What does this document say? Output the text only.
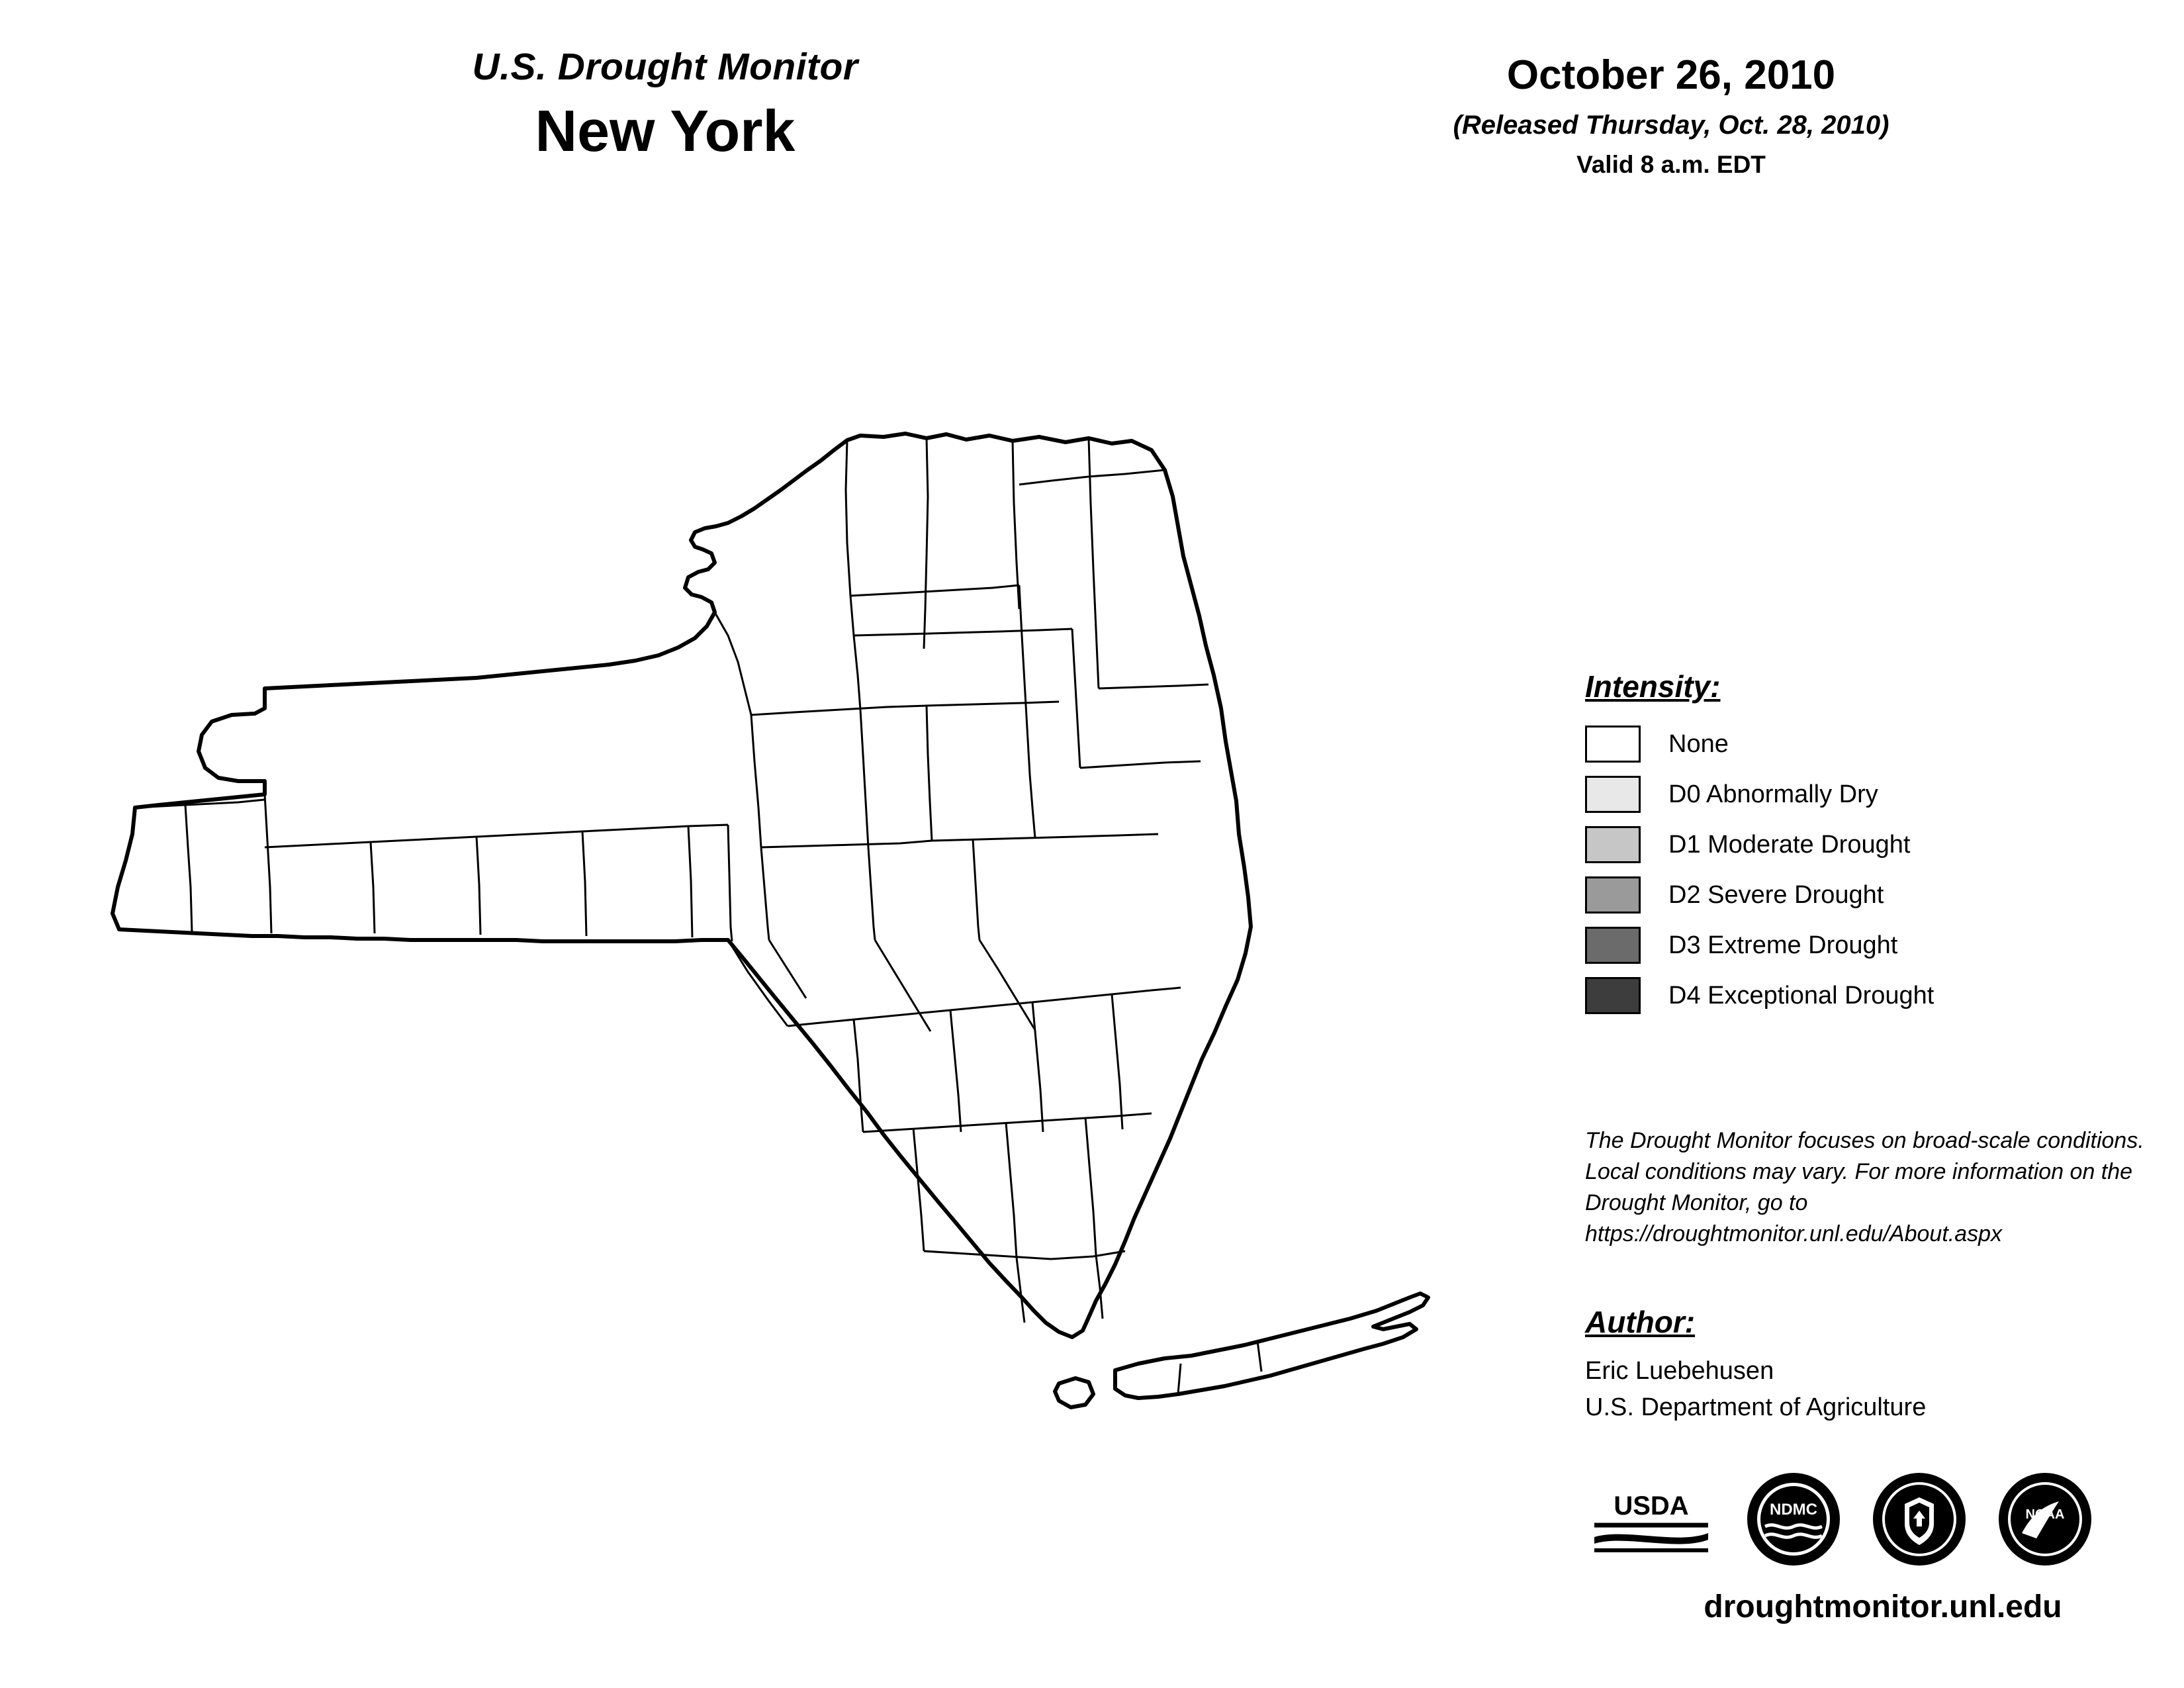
U.S. Drought Monitor
New York
October 26, 2010
(Released Thursday, Oct. 28, 2010)
Valid 8 a.m. EDT
Intensity:
None
D0 Abnormally Dry
D1 Moderate Drought
D2 Severe Drought
D3 Extreme Drought
D4 Exceptional Drought
The Drought Monitor focuses on broad-scale conditions. Local conditions may vary. For more information on the Drought Monitor, go to https://droughtmonitor.unl.edu/About.aspx
Author:
Eric Luebehusen
U.S. Department of Agriculture
USDA	NDMC	NOAA
droughtmonitor.unl.edu
